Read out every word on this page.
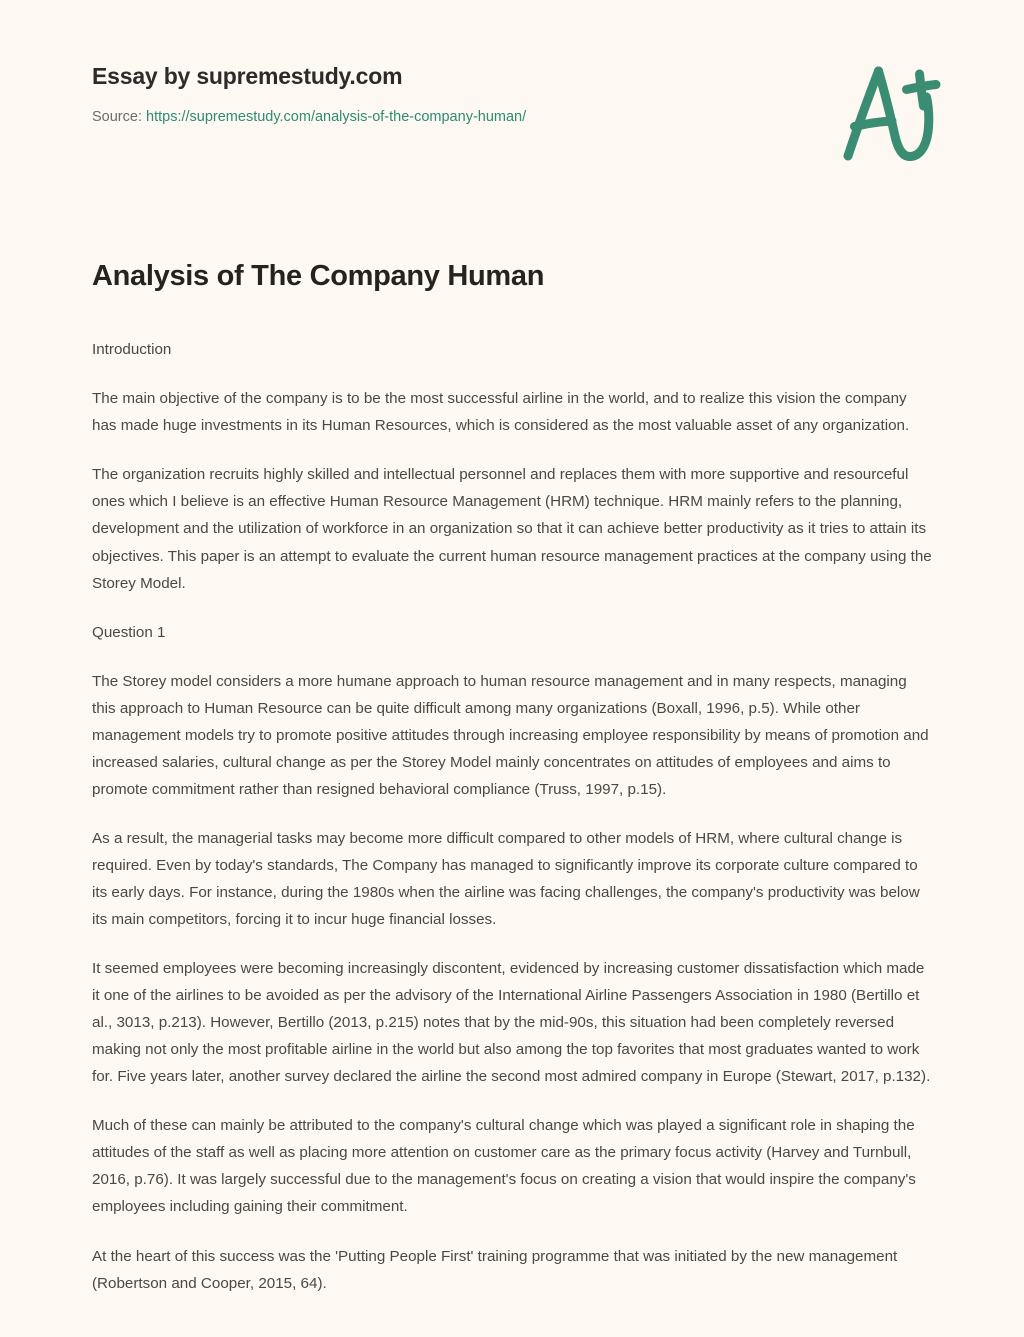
Essay by supremestudy.com
Source: https://supremestudy.com/analysis-of-the-company-human/
Analysis of The Company Human

Introduction

The main objective of the company is to be the most successful airline in the world, and to realize this vision the company has made huge investments in its Human Resources, which is considered as the most valuable asset of any organization.

The organization recruits highly skilled and intellectual personnel and replaces them with more supportive and resourceful ones which I believe is an effective Human Resource Management (HRM) technique. HRM mainly refers to the planning, development and the utilization of workforce in an organization so that it can achieve better productivity as it tries to attain its objectives. This paper is an attempt to evaluate the current human resource management practices at the company using the Storey Model.

Question 1

The Storey model considers a more humane approach to human resource management and in many respects, managing this approach to Human Resource can be quite difficult among many organizations (Boxall, 1996, p.5). While other management models try to promote positive attitudes through increasing employee responsibility by means of promotion and increased salaries, cultural change as per the Storey Model mainly concentrates on attitudes of employees and aims to promote commitment rather than resigned behavioral compliance (Truss, 1997, p.15).

As a result, the managerial tasks may become more difficult compared to other models of HRM, where cultural change is required. Even by today's standards, The Company has managed to significantly improve its corporate culture compared to its early days. For instance, during the 1980s when the airline was facing challenges, the company's productivity was below its main competitors, forcing it to incur huge financial losses.

It seemed employees were becoming increasingly discontent, evidenced by increasing customer dissatisfaction which made it one of the airlines to be avoided as per the advisory of the International Airline Passengers Association in 1980 (Bertillo et al., 3013, p.213). However, Bertillo (2013, p.215) notes that by the mid-90s, this situation had been completely reversed making not only the most profitable airline in the world but also among the top favorites that most graduates wanted to work for. Five years later, another survey declared the airline the second most admired company in Europe (Stewart, 2017, p.132).

Much of these can mainly be attributed to the company's cultural change which was played a significant role in shaping the attitudes of the staff as well as placing more attention on customer care as the primary focus activity (Harvey and Turnbull, 2016, p.76). It was largely successful due to the management's focus on creating a vision that would inspire the company's employees including gaining their commitment.

At the heart of this success was the 'Putting People First' training programme that was initiated by the new management (Robertson and Cooper, 2015, 64).
